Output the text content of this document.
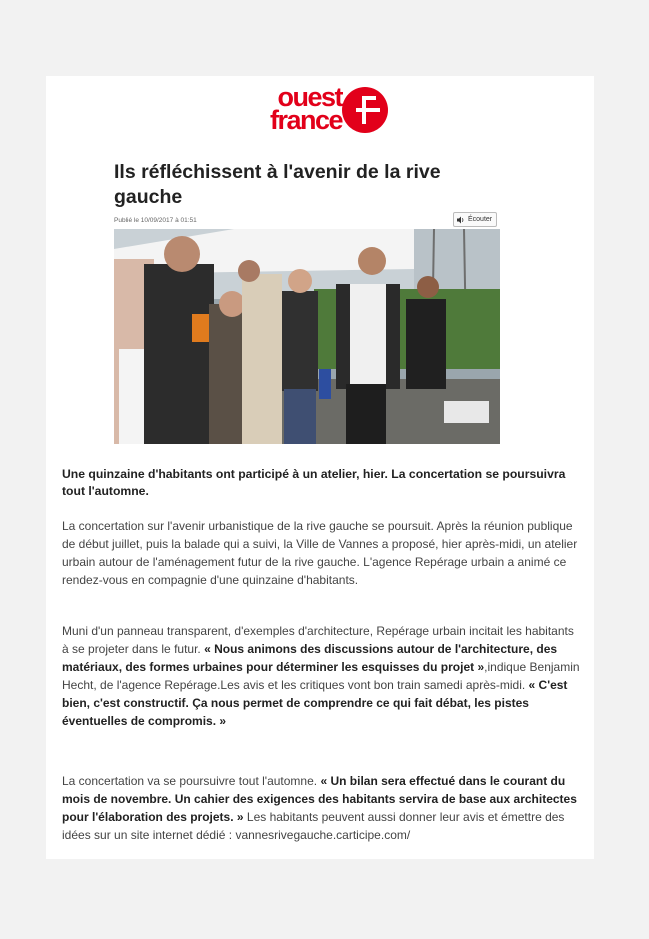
ouest
france
Ils réfléchissent à l'avenir de la rive gauche
Publié le 10/09/2017 à 01:51	Écouter
Une quinzaine d'habitants ont participé à un atelier, hier. La concertation se poursuivra tout l'automne.
La concertation sur l'avenir urbanistique de la rive gauche se poursuit. Après la réunion publique de début juillet, puis la balade qui a suivi, la Ville de Vannes a proposé, hier après-midi, un atelier urbain autour de l'aménagement futur de la rive gauche. L'agence Repérage urbain a animé ce rendez-vous en compagnie d'une quinzaine d'habitants.
Muni d'un panneau transparent, d'exemples d'architecture, Repérage urbain incitait les habitants à se projeter dans le futur. « Nous animons des discussions autour de l'architecture, des matériaux, des formes urbaines pour déterminer les esquisses du projet »,indique Benjamin Hecht, de l'agence Repérage.Les avis et les critiques vont bon train samedi après-midi. « C'est bien, c'est constructif. Ça nous permet de comprendre ce qui fait débat, les pistes éventuelles de compromis. »
La concertation va se poursuivre tout l'automne. « Un bilan sera effectué dans le courant du mois de novembre. Un cahier des exigences des habitants servira de base aux architectes pour l'élaboration des projets. » Les habitants peuvent aussi donner leur avis et émettre des idées sur un site internet dédié : vannesrivegauche.carticipe.com/
